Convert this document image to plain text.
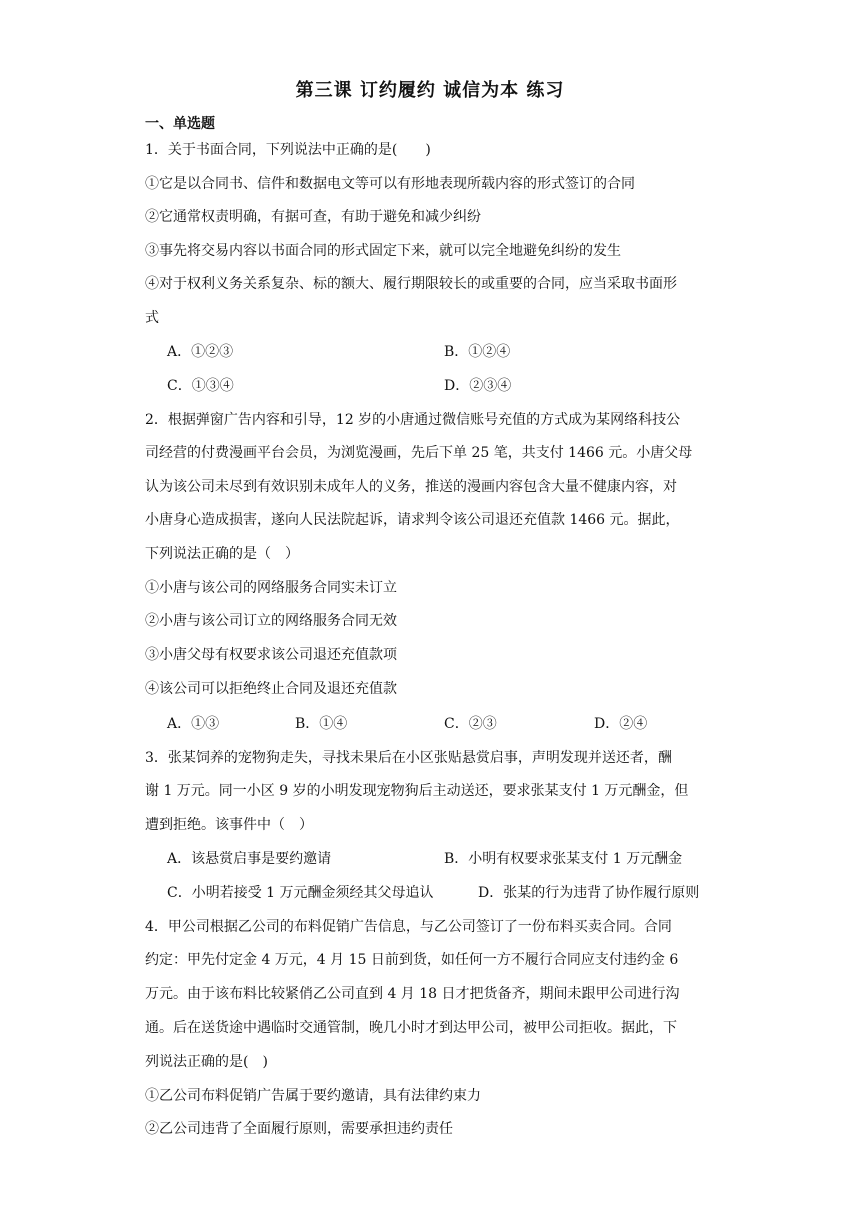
第三课 订约履约 诚信为本 练习
一、单选题
1．关于书面合同，下列说法中正确的是(　　)
①它是以合同书、信件和数据电文等可以有形地表现所载内容的形式签订的合同
②它通常权责明确，有据可查，有助于避免和减少纠纷
③事先将交易内容以书面合同的形式固定下来，就可以完全地避免纠纷的发生
④对于权利义务关系复杂、标的额大、履行期限较长的或重要的合同，应当采取书面形
式
A．①②③	B．①②④
C．①③④	D．②③④
2．根据弹窗广告内容和引导，12 岁的小唐通过微信账号充值的方式成为某网络科技公
司经营的付费漫画平台会员，为浏览漫画，先后下单 25 笔，共支付 1466 元。小唐父母
认为该公司未尽到有效识别未成年人的义务，推送的漫画内容包含大量不健康内容，对
小唐身心造成损害，遂向人民法院起诉，请求判令该公司退还充值款 1466 元。据此，
下列说法正确的是（　）
①小唐与该公司的网络服务合同实未订立
②小唐与该公司订立的网络服务合同无效
③小唐父母有权要求该公司退还充值款项
④该公司可以拒绝终止合同及退还充值款
A．①③	B．①④	C．②③	D．②④
3．张某饲养的宠物狗走失，寻找未果后在小区张贴悬赏启事，声明发现并送还者，酬
谢 1 万元。同一小区 9 岁的小明发现宠物狗后主动送还，要求张某支付 1 万元酬金，但
遭到拒绝。该事件中（　）
A．该悬赏启事是要约邀请	B．小明有权要求张某支付 1 万元酬金
C．小明若接受 1 万元酬金须经其父母追认	D．张某的行为违背了协作履行原则
4．甲公司根据乙公司的布料促销广告信息，与乙公司签订了一份布料买卖合同。合同
约定：甲先付定金 4 万元，4 月 15 日前到货，如任何一方不履行合同应支付违约金 6
万元。由于该布料比较紧俏乙公司直到 4 月 18 日才把货备齐，期间未跟甲公司进行沟
通。后在送货途中遇临时交通管制，晚几小时才到达甲公司，被甲公司拒收。据此，下
列说法正确的是(　)
①乙公司布料促销广告属于要约邀请，具有法律约束力
②乙公司违背了全面履行原则，需要承担违约责任
